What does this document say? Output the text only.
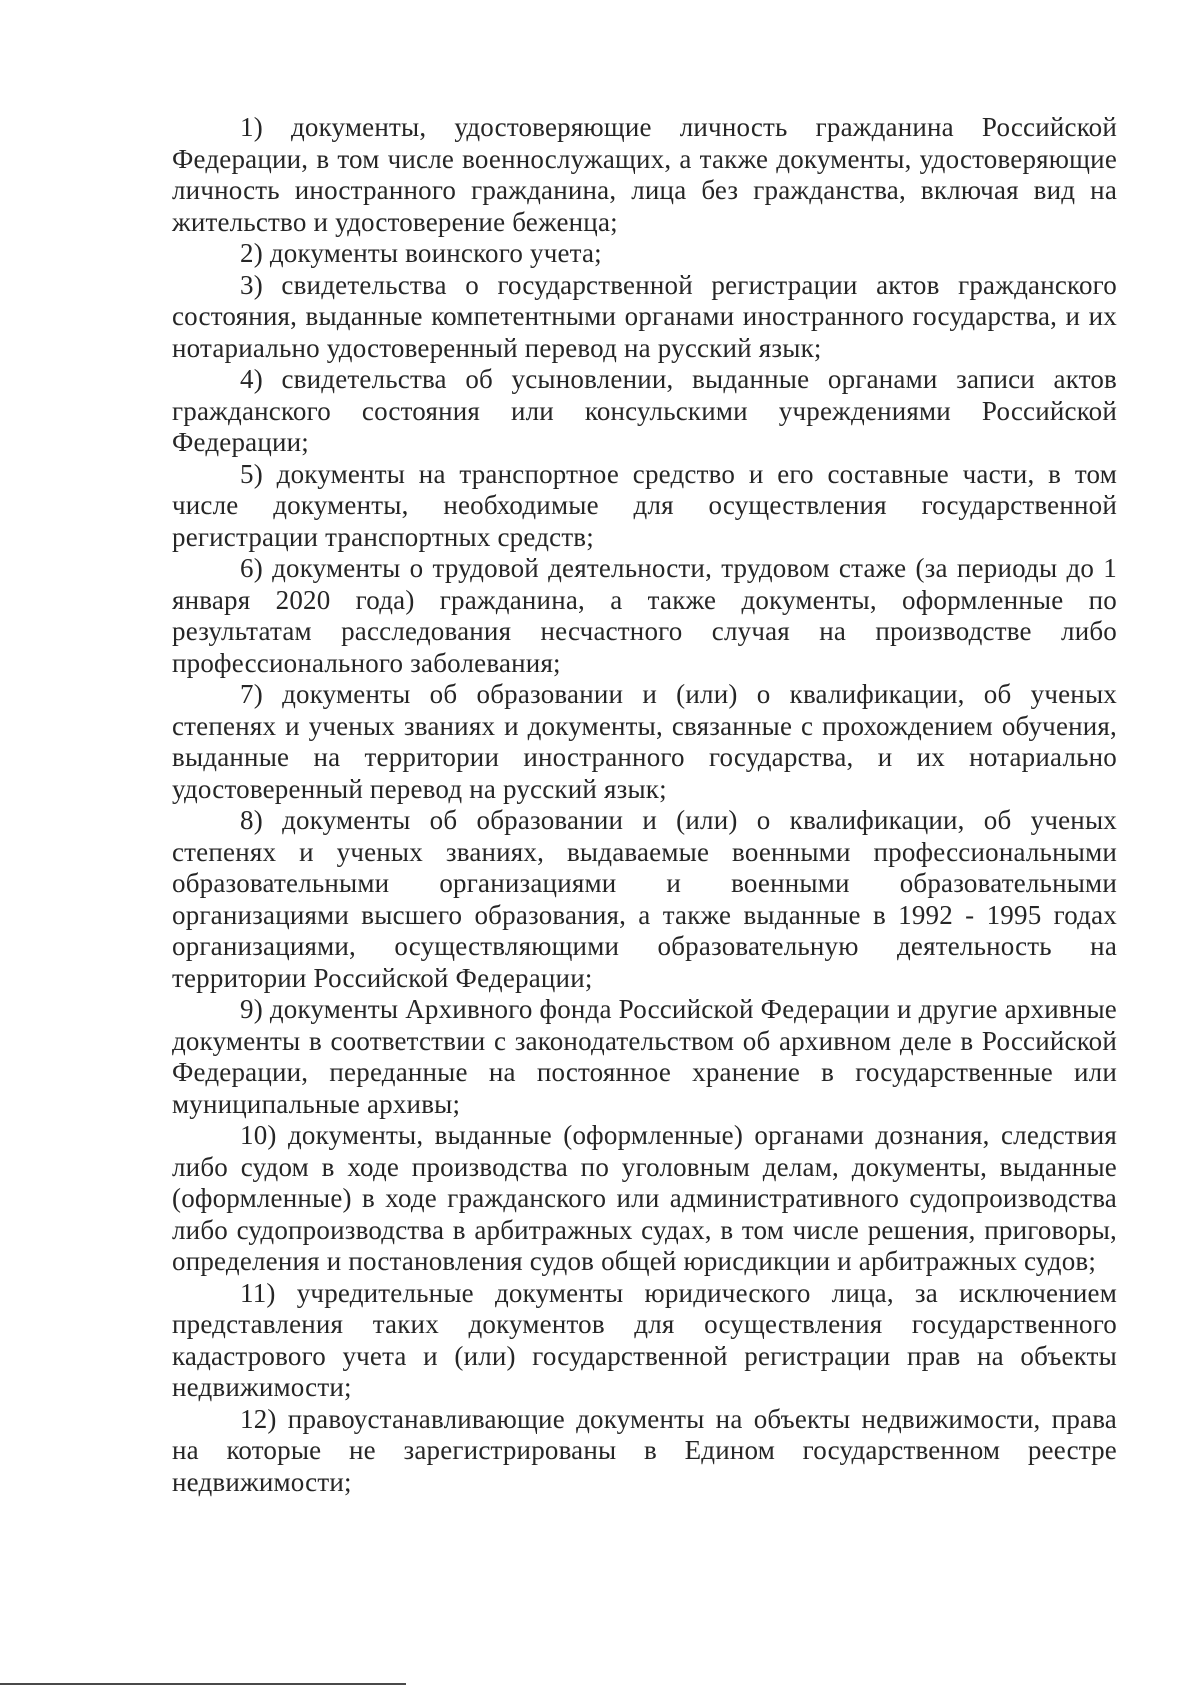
1) документы, удостоверяющие личность гражданина Российской Федерации, в том числе военнослужащих, а также документы, удостоверяющие личность иностранного гражданина, лица без гражданства, включая вид на жительство и удостоверение беженца;

2) документы воинского учета;

3) свидетельства о государственной регистрации актов гражданского состояния, выданные компетентными органами иностранного государства, и их нотариально удостоверенный перевод на русский язык;

4) свидетельства об усыновлении, выданные органами записи актов гражданского состояния или консульскими учреждениями Российской Федерации;

5) документы на транспортное средство и его составные части, в том числе документы, необходимые для осуществления государственной регистрации транспортных средств;

6) документы о трудовой деятельности, трудовом стаже (за периоды до 1 января 2020 года) гражданина, а также документы, оформленные по результатам расследования несчастного случая на производстве либо профессионального заболевания;

7) документы об образовании и (или) о квалификации, об ученых степенях и ученых званиях и документы, связанные с прохождением обучения, выданные на территории иностранного государства, и их нотариально удостоверенный перевод на русский язык;

8) документы об образовании и (или) о квалификации, об ученых степенях и ученых званиях, выдаваемые военными профессиональными образовательными организациями и военными образовательными организациями высшего образования, а также выданные в 1992 - 1995 годах организациями, осуществляющими образовательную деятельность на территории Российской Федерации;

9) документы Архивного фонда Российской Федерации и другие архивные документы в соответствии с законодательством об архивном деле в Российской Федерации, переданные на постоянное хранение в государственные или муниципальные архивы;

10) документы, выданные (оформленные) органами дознания, следствия либо судом в ходе производства по уголовным делам, документы, выданные (оформленные) в ходе гражданского или административного судопроизводства либо судопроизводства в арбитражных судах, в том числе решения, приговоры, определения и постановления судов общей юрисдикции и арбитражных судов;

11) учредительные документы юридического лица, за исключением представления таких документов для осуществления государственного кадастрового учета и (или) государственной регистрации прав на объекты недвижимости;

12) правоустанавливающие документы на объекты недвижимости, права на которые не зарегистрированы в Едином государственном реестре недвижимости;
